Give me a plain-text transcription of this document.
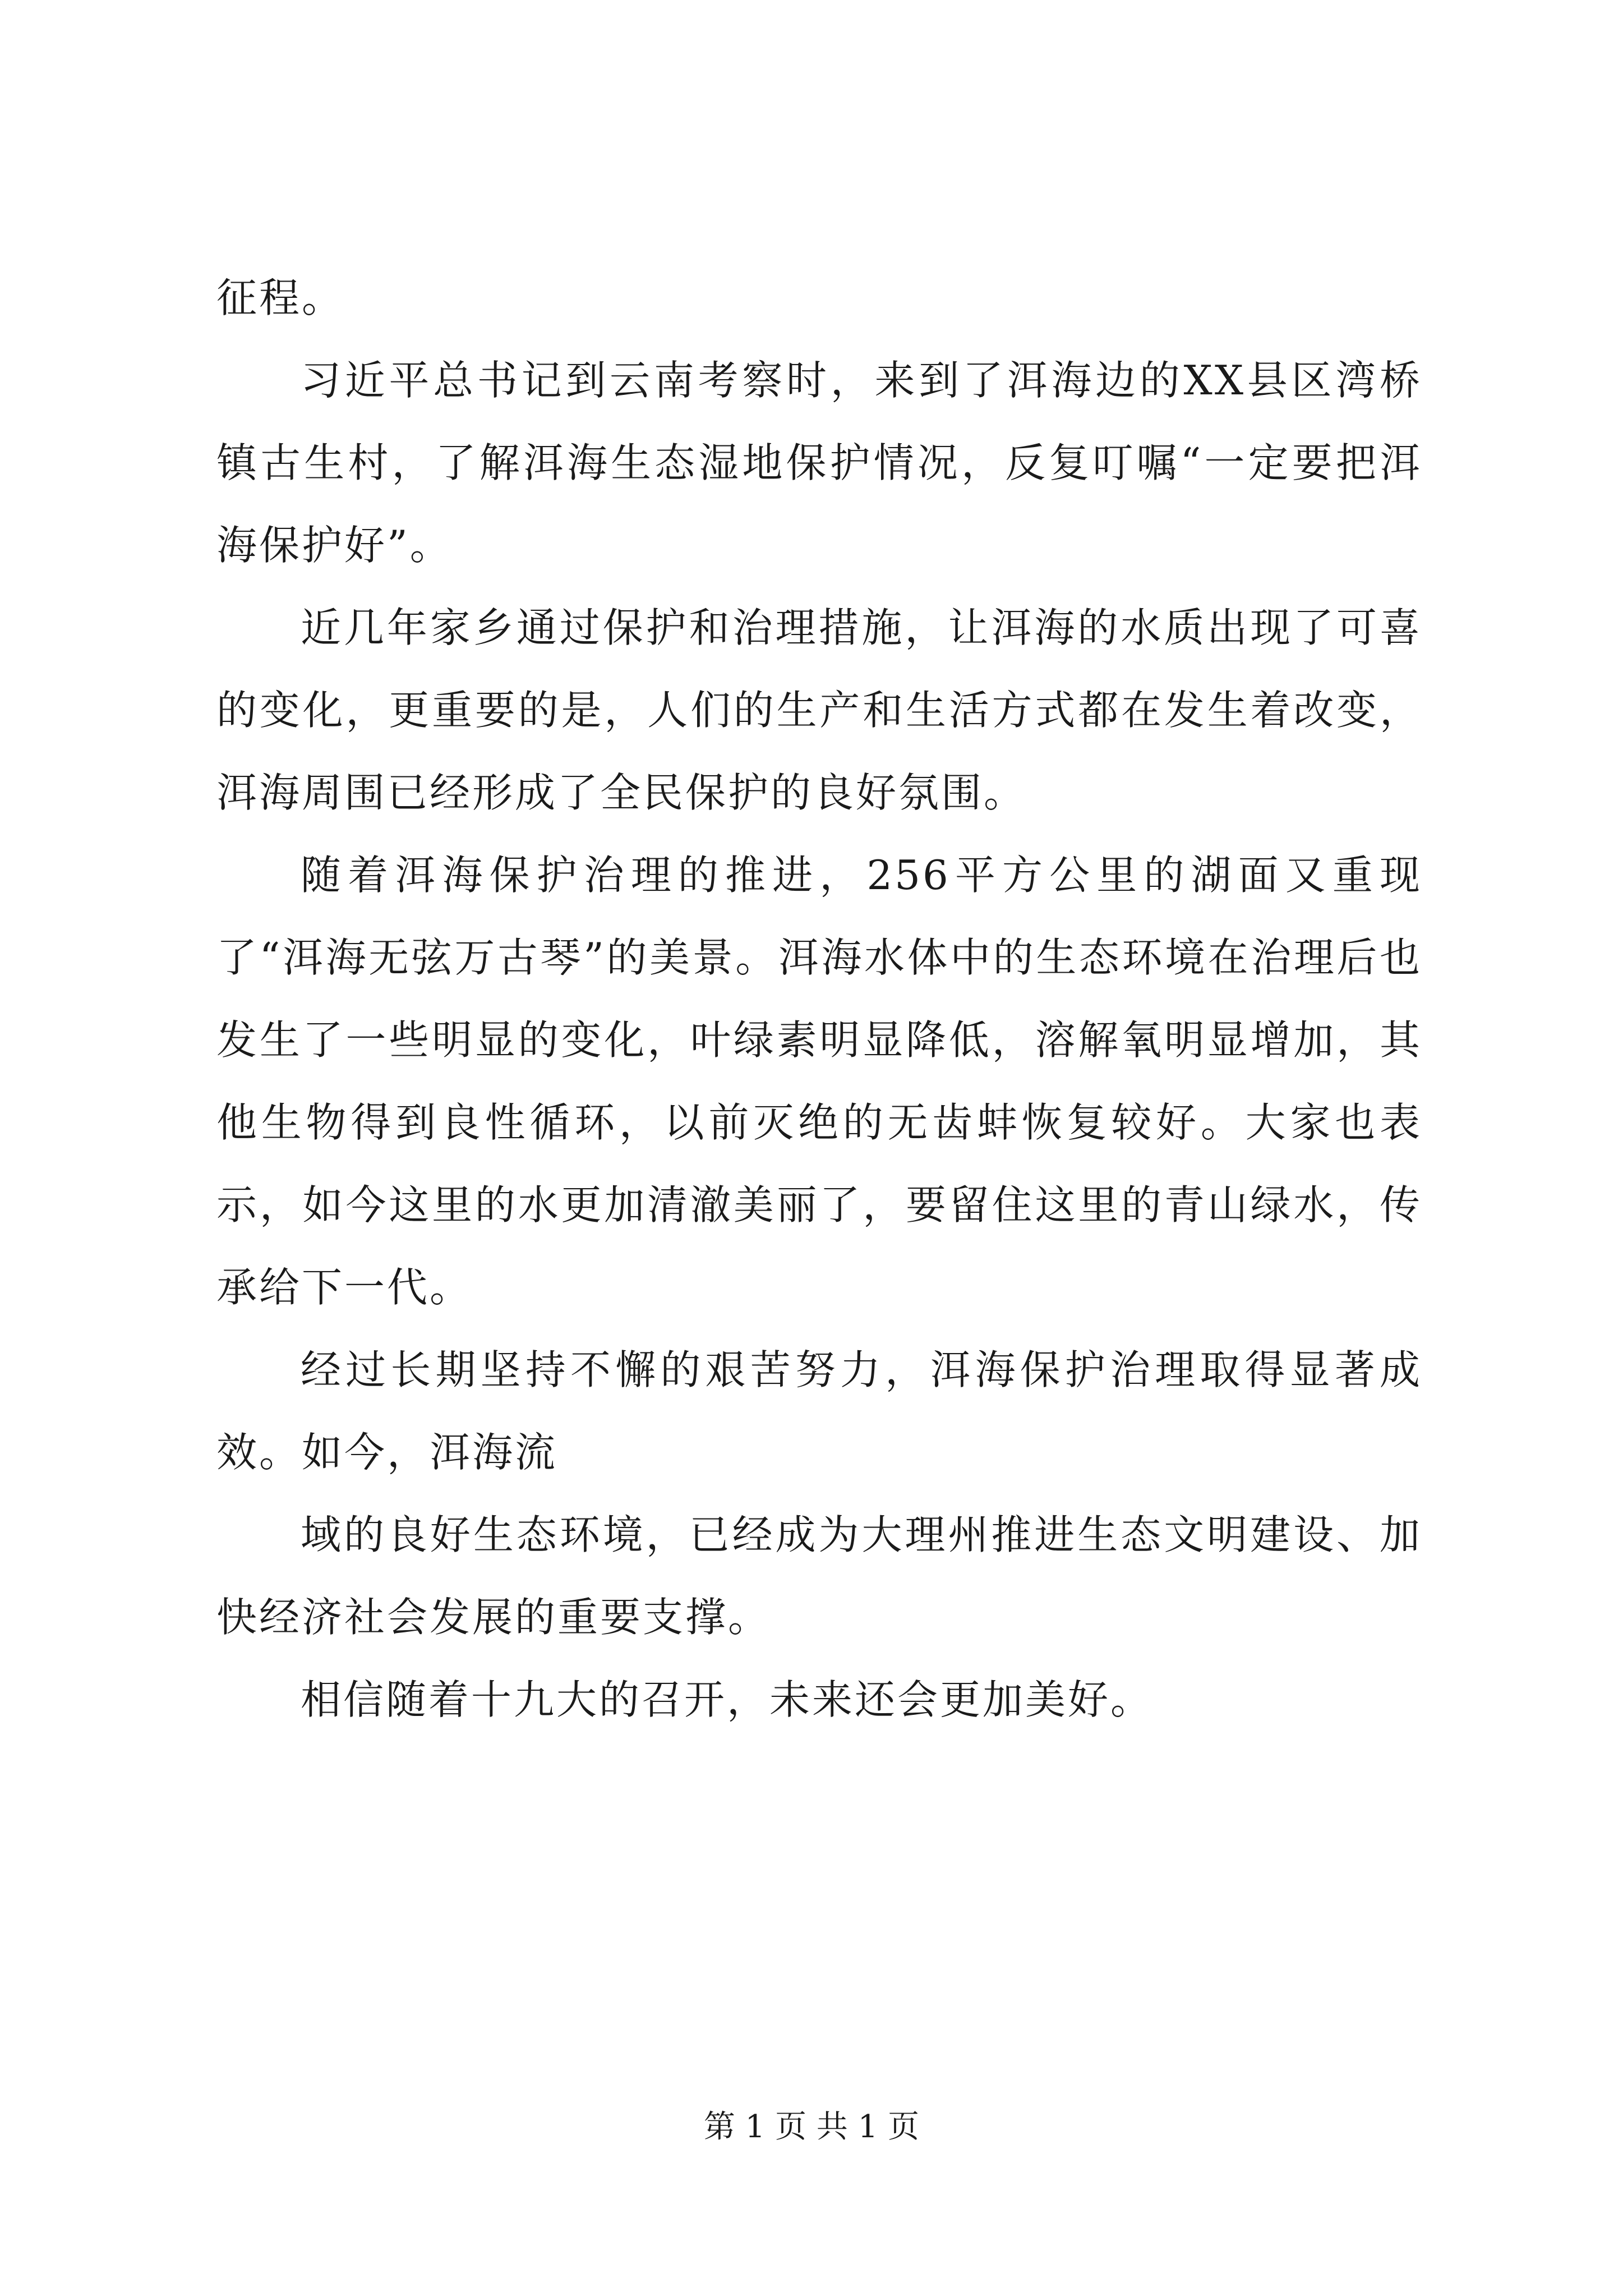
征程。

习近平总书记到云南考察时，来到了洱海边的XX县区湾桥镇古生村，了解洱海生态湿地保护情况，反复叮嘱“一定要把洱海保护好”。

近几年家乡通过保护和治理措施，让洱海的水质出现了可喜的变化，更重要的是，人们的生产和生活方式都在发生着改变，洱海周围已经形成了全民保护的良好氛围。

随着洱海保护治理的推进，256平方公里的湖面又重现了“洱海无弦万古琴”的美景。洱海水体中的生态环境在治理后也发生了一些明显的变化，叶绿素明显降低，溶解氧明显增加，其他生物得到良性循环，以前灭绝的无齿蚌恢复较好。大家也表示，如今这里的水更加清澈美丽了，要留住这里的青山绿水，传承给下一代。

经过长期坚持不懈的艰苦努力，洱海保护治理取得显著成效。如今，洱海流

域的良好生态环境，已经成为大理州推进生态文明建设、加快经济社会发展的重要支撑。

相信随着十九大的召开，未来还会更加美好。

第 1 页 共 1 页
